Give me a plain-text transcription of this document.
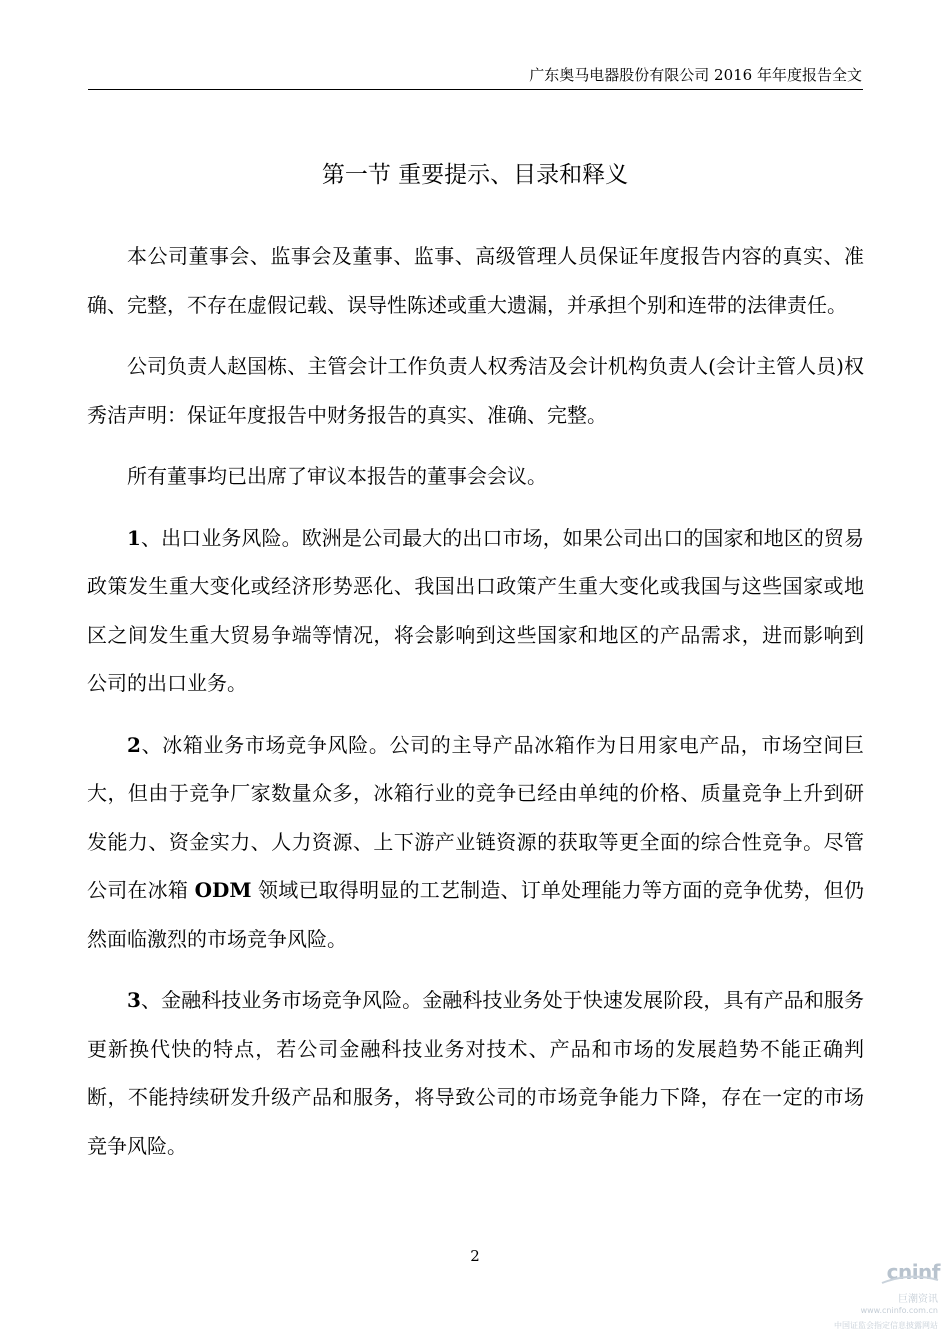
广东奥马电器股份有限公司 2016 年年度报告全文
第一节 重要提示、目录和释义

本公司董事会、监事会及董事、监事、高级管理人员保证年度报告内容的真实、准确、完整，不存在虚假记载、误导性陈述或重大遗漏，并承担个别和连带的法律责任。

公司负责人赵国栋、主管会计工作负责人权秀洁及会计机构负责人(会计主管人员)权秀洁声明：保证年度报告中财务报告的真实、准确、完整。

所有董事均已出席了审议本报告的董事会会议。

1、出口业务风险。欧洲是公司最大的出口市场，如果公司出口的国家和地区的贸易政策发生重大变化或经济形势恶化、我国出口政策产生重大变化或我国与这些国家或地区之间发生重大贸易争端等情况，将会影响到这些国家和地区的产品需求，进而影响到公司的出口业务。

2、冰箱业务市场竞争风险。公司的主导产品冰箱作为日用家电产品，市场空间巨大，但由于竞争厂家数量众多，冰箱行业的竞争已经由单纯的价格、质量竞争上升到研发能力、资金实力、人力资源、上下游产业链资源的获取等更全面的综合性竞争。尽管公司在冰箱 ODM 领域已取得明显的工艺制造、订单处理能力等方面的竞争优势，但仍然面临激烈的市场竞争风险。

3、金融科技业务市场竞争风险。金融科技业务处于快速发展阶段，具有产品和服务更新换代快的特点，若公司金融科技业务对技术、产品和市场的发展趋势不能正确判断，不能持续研发升级产品和服务，将导致公司的市场竞争能力下降，存在一定的市场竞争风险。

2
cninf
巨潮资讯
www.cninfo.com.cn
中国证监会指定信息披露网站
